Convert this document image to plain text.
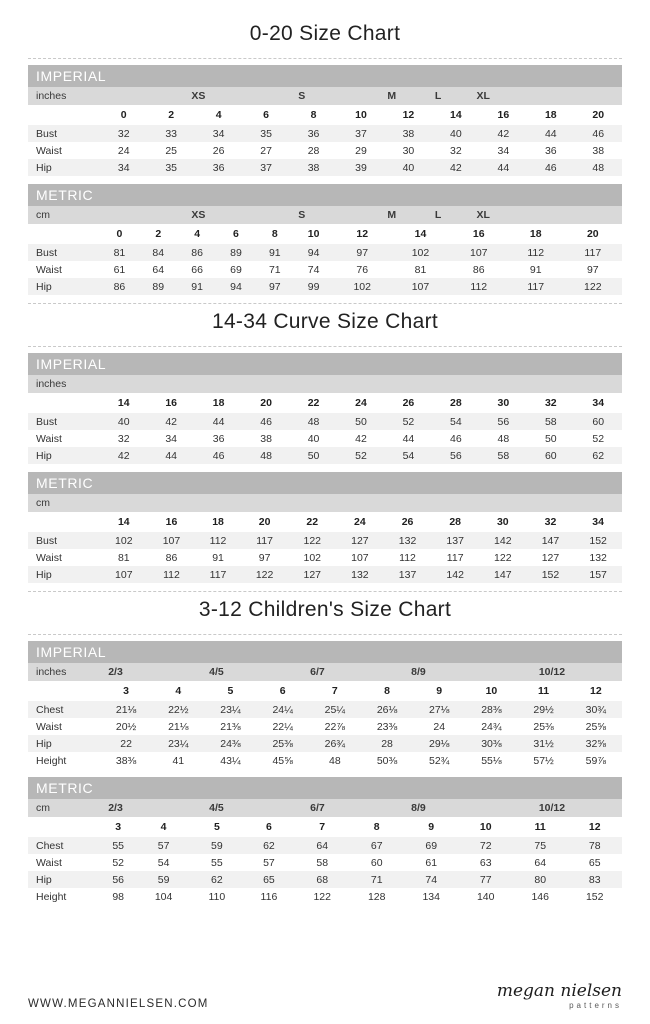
0-20 Size Chart
IMPERIAL
inches	XS	S	M	L	XL
	0	2	4	6	8	10	12	14	16	18	20
Bust	32	33	34	35	36	37	38	40	42	44	46
Waist	24	25	26	27	28	29	30	32	34	36	38
Hip	34	35	36	37	38	39	40	42	44	46	48
METRIC
cm	XS	S	M	L	XL
	0	2	4	6	8	10	12	14	16	18	20
Bust	81	84	86	89	91	94	97	102	107	112	117
Waist	61	64	66	69	71	74	76	81	86	91	97
Hip	86	89	91	94	97	99	102	107	112	117	122
14-34 Curve Size Chart
IMPERIAL
inches
	14	16	18	20	22	24	26	28	30	32	34
Bust	40	42	44	46	48	50	52	54	56	58	60
Waist	32	34	36	38	40	42	44	46	48	50	52
Hip	42	44	46	48	50	52	54	56	58	60	62
METRIC
cm
	14	16	18	20	22	24	26	28	30	32	34
Bust	102	107	112	117	122	127	132	137	142	147	152
Waist	81	86	91	97	102	107	112	117	122	127	132
Hip	107	112	117	122	127	132	137	142	147	152	157
3-12 Children's Size Chart
IMPERIAL
inches	2/3	4/5	6/7	8/9	10/12
	3	4	5	6	7	8	9	10	11	12
Chest	21⅛	22½	23¼	24¼	25¼	26⅛	27⅛	28⅜	29½	30¾
Waist	20½	21⅛	21⅜	22¼	22⅞	23⅜	24	24¾	25⅜	25⅝
Hip	22	23¼	24⅜	25⅜	26¾	28	29⅛	30⅜	31½	32⅝
Height	38⅜	41	43¼	45⅝	48	50⅜	52¾	55⅛	57½	59⅞
METRIC
cm	2/3	4/5	6/7	8/9	10/12
	3	4	5	6	7	8	9	10	11	12
Chest	55	57	59	62	64	67	69	72	75	78
Waist	52	54	55	57	58	60	61	63	64	65
Hip	56	59	62	65	68	71	74	77	80	83
Height	98	104	110	116	122	128	134	140	146	152
WWW.MEGANNIELSEN.COM
megan nielsen
patterns
